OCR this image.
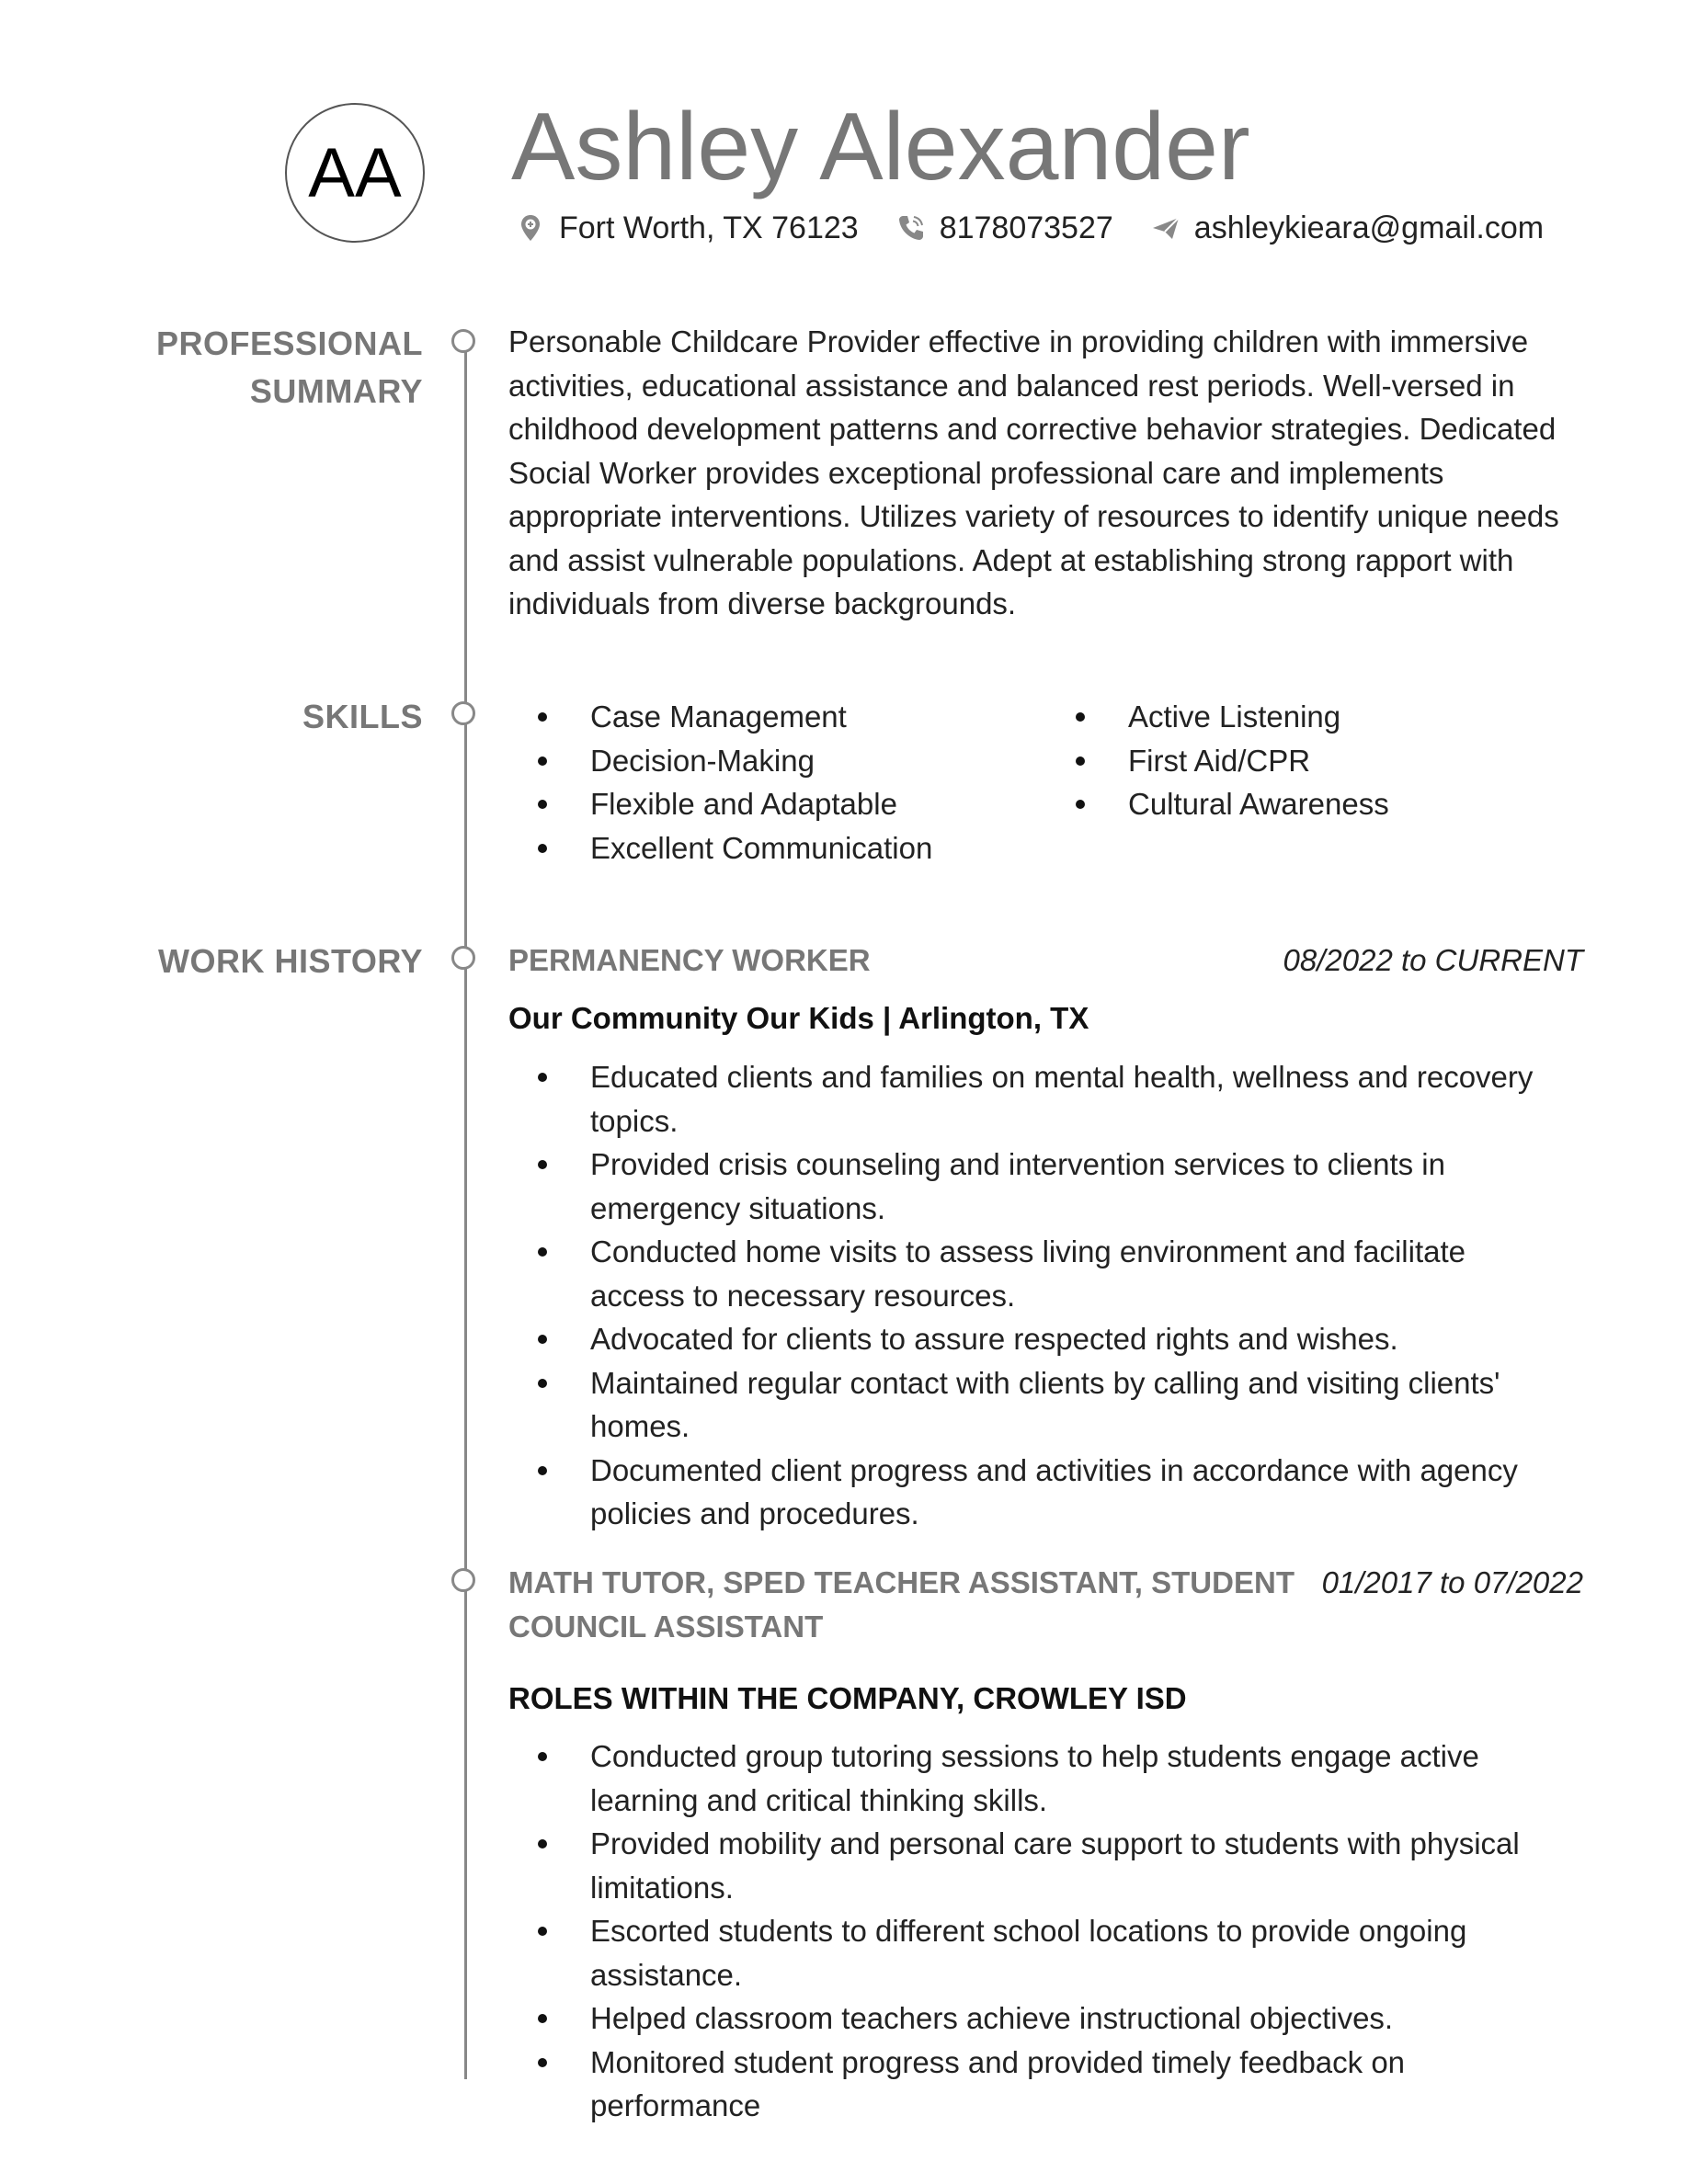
AA Ashley Alexander
Fort Worth, TX 76123	8178073527	ashleykieara@gmail.com
PROFESSIONAL SUMMARY
SKILLS
WORK HISTORY

Personable Childcare Provider effective in providing children with immersive activities, educational assistance and balanced rest periods. Well-versed in childhood development patterns and corrective behavior strategies. Dedicated Social Worker provides exceptional professional care and implements appropriate interventions. Utilizes variety of resources to identify unique needs and assist vulnerable populations. Adept at establishing strong rapport with individuals from diverse backgrounds.

Case Management
Decision-Making
Flexible and Adaptable
Excellent Communication
Active Listening
First Aid/CPR
Cultural Awareness
PERMANENCY WORKER	08/2022 to CURRENT
Our Community Our Kids | Arlington, TX
Educated clients and families on mental health, wellness and recovery topics.
Provided crisis counseling and intervention services to clients in emergency situations.
Conducted home visits to assess living environment and facilitate access to necessary resources.
Advocated for clients to assure respected rights and wishes.
Maintained regular contact with clients by calling and visiting clients' homes.
Documented client progress and activities in accordance with agency policies and procedures.
MATH TUTOR, SPED TEACHER ASSISTANT, STUDENT COUNCIL ASSISTANT
01/2017 to 07/2022
ROLES WITHIN THE COMPANY, CROWLEY ISD
Conducted group tutoring sessions to help students engage active learning and critical thinking skills.
Provided mobility and personal care support to students with physical limitations.
Escorted students to different school locations to provide ongoing assistance.
Helped classroom teachers achieve instructional objectives.
Monitored student progress and provided timely feedback on performance
